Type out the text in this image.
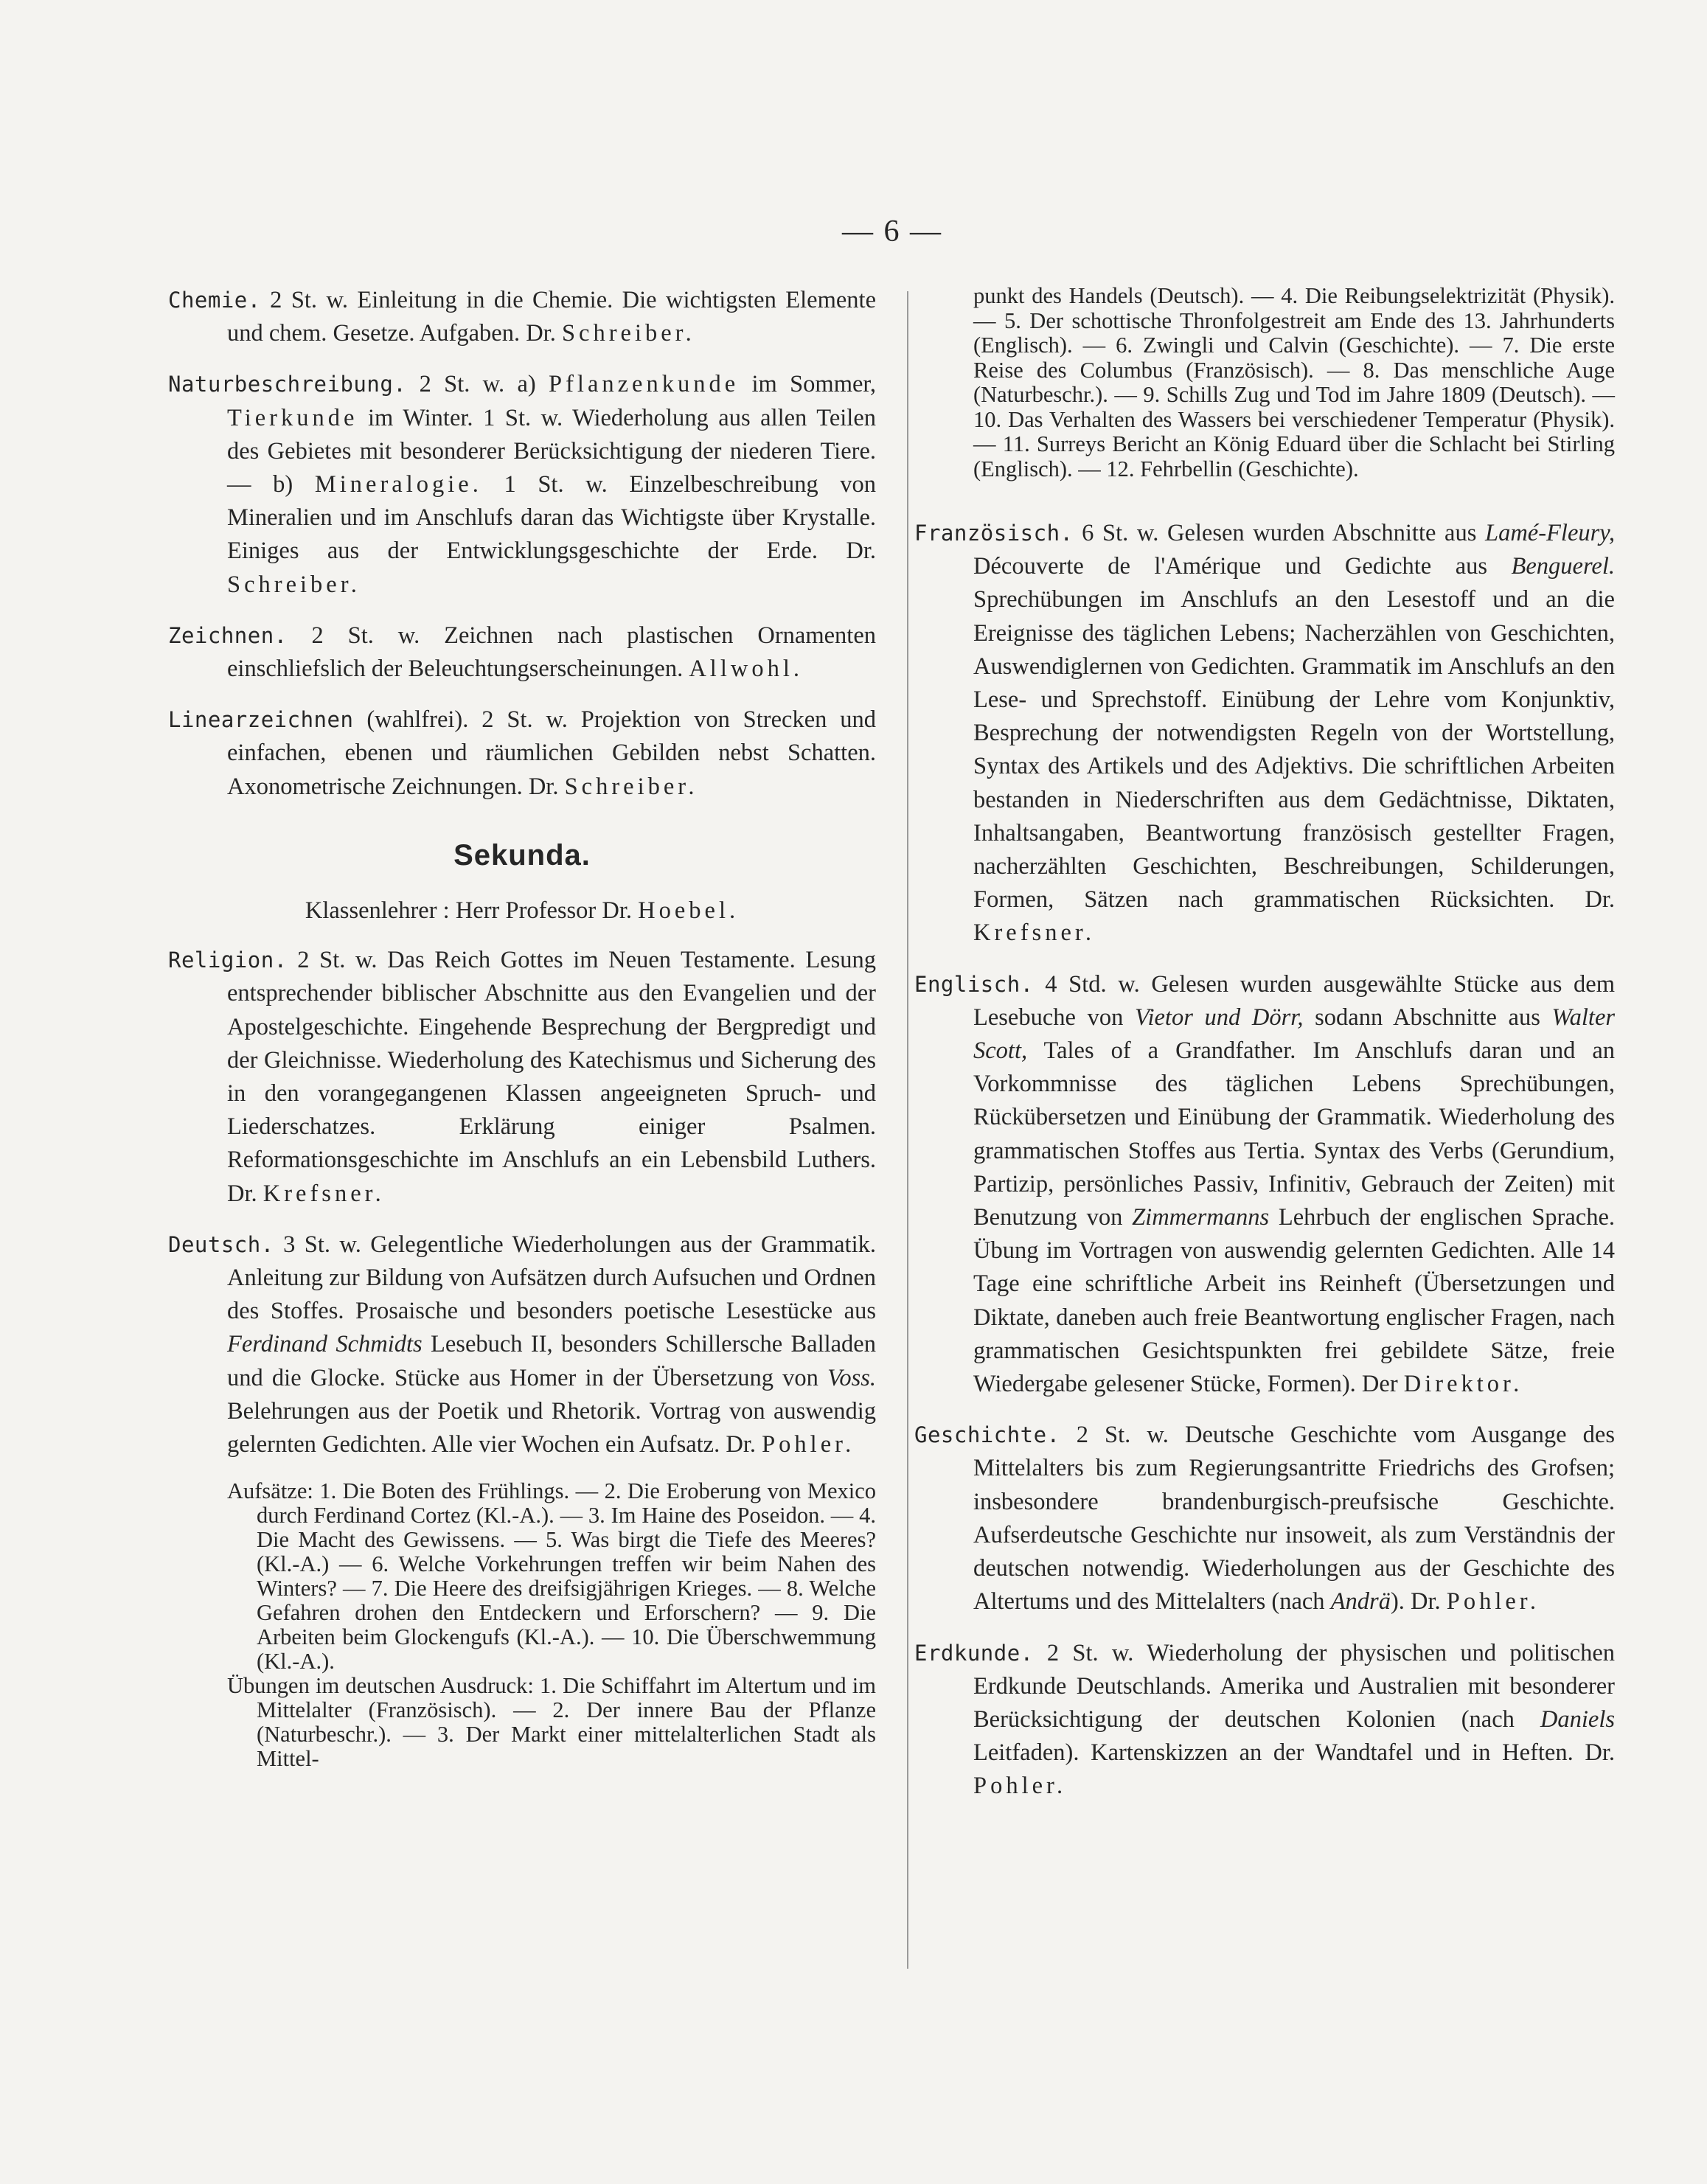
— 6 —

Chemie. 2 St. w. Einleitung in die Chemie. Die wichtigsten Elemente und chem. Gesetze. Aufgaben. Dr. Schreiber.

Naturbeschreibung. 2 St. w. a) Pflanzenkunde im Sommer, Tierkunde im Winter. 1 St. w. Wiederholung aus allen Teilen des Gebietes mit besonderer Berücksichtigung der niederen Tiere. — b) Mineralogie. 1 St. w. Einzelbeschreibung von Mineralien und im Anschlufs daran das Wichtigste über Krystalle. Einiges aus der Entwicklungsgeschichte der Erde. Dr. Schreiber.

Zeichnen. 2 St. w. Zeichnen nach plastischen Ornamenten einschliefslich der Beleuchtungserscheinungen. Allwohl.

Linearzeichnen (wahlfrei). 2 St. w. Projektion von Strecken und einfachen, ebenen und räumlichen Gebilden nebst Schatten. Axonometrische Zeichnungen. Dr. Schreiber.

Sekunda.
Klassenlehrer : Herr Professor Dr. Hoebel.

Religion. 2 St. w. Das Reich Gottes im Neuen Testamente. Lesung entsprechender biblischer Abschnitte aus den Evangelien und der Apostelgeschichte. Eingehende Besprechung der Bergpredigt und der Gleichnisse. Wiederholung des Katechismus und Sicherung des in den vorangegangenen Klassen angeeigneten Spruch- und Liederschatzes. Erklärung einiger Psalmen. Reformationsgeschichte im Anschlufs an ein Lebensbild Luthers. Dr. Krefsner.

Deutsch. 3 St. w. Gelegentliche Wiederholungen aus der Grammatik. Anleitung zur Bildung von Aufsätzen durch Aufsuchen und Ordnen des Stoffes. Prosaische und besonders poetische Lesestücke aus Ferdinand Schmidts Lesebuch II, besonders Schillersche Balladen und die Glocke. Stücke aus Homer in der Übersetzung von Voss. Belehrungen aus der Poetik und Rhetorik. Vortrag von auswendig gelernten Gedichten. Alle vier Wochen ein Aufsatz. Dr. Pohler.

Aufsätze: 1. Die Boten des Frühlings. — 2. Die Eroberung von Mexico durch Ferdinand Cortez (Kl.-A.). — 3. Im Haine des Poseidon. — 4. Die Macht des Gewissens. — 5. Was birgt die Tiefe des Meeres? (Kl.-A.) — 6. Welche Vorkehrungen treffen wir beim Nahen des Winters? — 7. Die Heere des dreifsigjährigen Krieges. — 8. Welche Gefahren drohen den Entdeckern und Erforschern? — 9. Die Arbeiten beim Glockengufs (Kl.-A.). — 10. Die Überschwemmung (Kl.-A.).

Übungen im deutschen Ausdruck: 1. Die Schiffahrt im Altertum und im Mittelalter (Französisch). — 2. Der innere Bau der Pflanze (Naturbeschr.). — 3. Der Markt einer mittelalterlichen Stadt als Mittel-

punkt des Handels (Deutsch). — 4. Die Reibungselektrizität (Physik). — 5. Der schottische Thronfolgestreit am Ende des 13. Jahrhunderts (Englisch). — 6. Zwingli und Calvin (Geschichte). — 7. Die erste Reise des Columbus (Französisch). — 8. Das menschliche Auge (Naturbeschr.). — 9. Schills Zug und Tod im Jahre 1809 (Deutsch). — 10. Das Verhalten des Wassers bei verschiedener Temperatur (Physik). — 11. Surreys Bericht an König Eduard über die Schlacht bei Stirling (Englisch). — 12. Fehrbellin (Geschichte).

Französisch. 6 St. w. Gelesen wurden Abschnitte aus Lamé-Fleury, Découverte de l'Amérique und Gedichte aus Benguerel. Sprechübungen im Anschlufs an den Lesestoff und an die Ereignisse des täglichen Lebens; Nacherzählen von Geschichten, Auswendiglernen von Gedichten. Grammatik im Anschlufs an den Lese- und Sprechstoff. Einübung der Lehre vom Konjunktiv, Besprechung der notwendigsten Regeln von der Wortstellung, Syntax des Artikels und des Adjektivs. Die schriftlichen Arbeiten bestanden in Niederschriften aus dem Gedächtnisse, Diktaten, Inhaltsangaben, Beantwortung französisch gestellter Fragen, nacherzählten Geschichten, Beschreibungen, Schilderungen, Formen, Sätzen nach grammatischen Rücksichten. Dr. Krefsner.

Englisch. 4 Std. w. Gelesen wurden ausgewählte Stücke aus dem Lesebuche von Vietor und Dörr, sodann Abschnitte aus Walter Scott, Tales of a Grandfather. Im Anschlufs daran und an Vorkommnisse des täglichen Lebens Sprechübungen, Rückübersetzen und Einübung der Grammatik. Wiederholung des grammatischen Stoffes aus Tertia. Syntax des Verbs (Gerundium, Partizip, persönliches Passiv, Infinitiv, Gebrauch der Zeiten) mit Benutzung von Zimmermanns Lehrbuch der englischen Sprache. Übung im Vortragen von auswendig gelernten Gedichten. Alle 14 Tage eine schriftliche Arbeit ins Reinheft (Übersetzungen und Diktate, daneben auch freie Beantwortung englischer Fragen, nach grammatischen Gesichtspunkten frei gebildete Sätze, freie Wiedergabe gelesener Stücke, Formen). Der Direktor.

Geschichte. 2 St. w. Deutsche Geschichte vom Ausgange des Mittelalters bis zum Regierungsantritte Friedrichs des Grofsen; insbesondere brandenburgisch-preufsische Geschichte. Aufserdeutsche Geschichte nur insoweit, als zum Verständnis der deutschen notwendig. Wiederholungen aus der Geschichte des Altertums und des Mittelalters (nach Andrä). Dr. Pohler.

Erdkunde. 2 St. w. Wiederholung der physischen und politischen Erdkunde Deutschlands. Amerika und Australien mit besonderer Berücksichtigung der deutschen Kolonien (nach Daniels Leitfaden). Kartenskizzen an der Wandtafel und in Heften. Dr. Pohler.
